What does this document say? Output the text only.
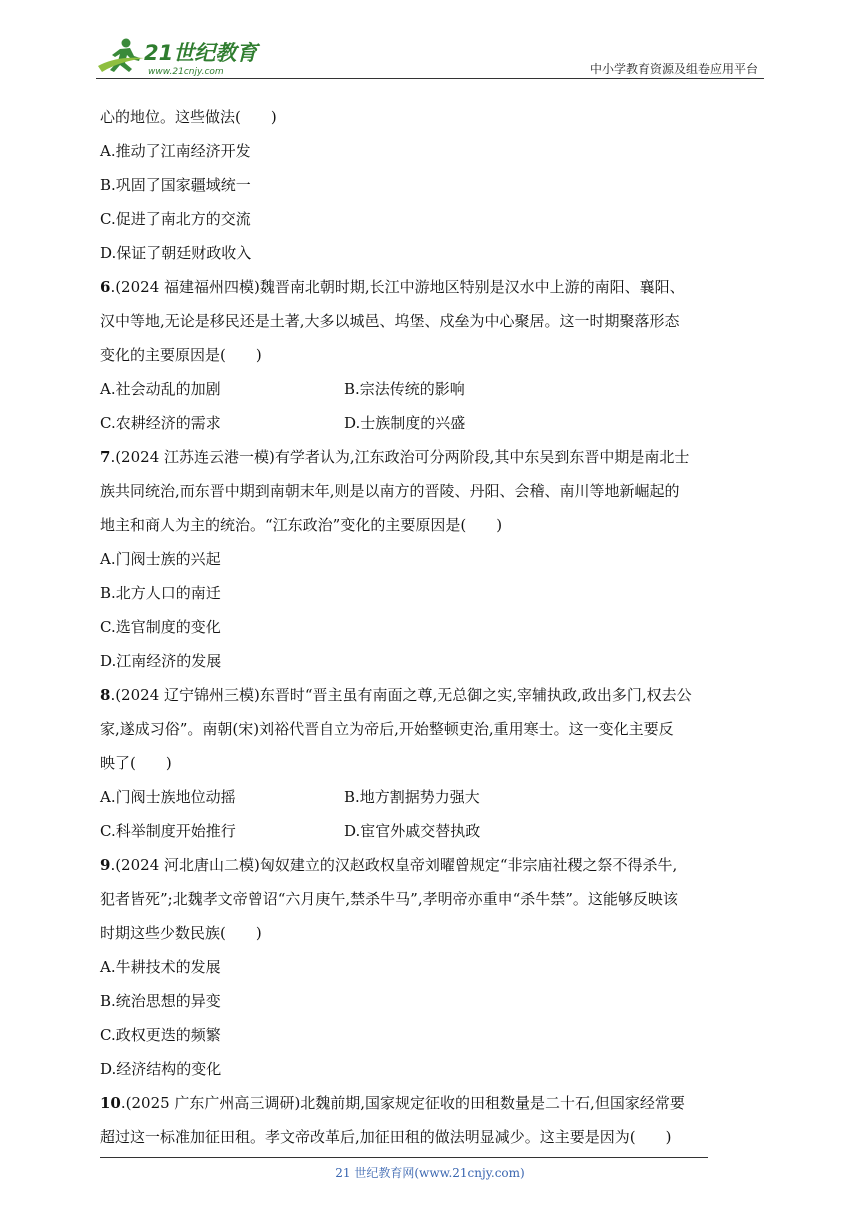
21世纪教育
www.21cnjy.com	中小学教育资源及组卷应用平台
心的地位。这些做法(　　)
A.推动了江南经济开发
B.巩固了国家疆域统一
C.促进了南北方的交流
D.保证了朝廷财政收入
6.(2024 福建福州四模)魏晋南北朝时期,长江中游地区特别是汉水中上游的南阳、襄阳、
汉中等地,无论是移民还是土著,大多以城邑、坞堡、戍垒为中心聚居。这一时期聚落形态
变化的主要原因是(　　)
A.社会动乱的加剧	B.宗法传统的影响
C.农耕经济的需求	D.士族制度的兴盛
7.(2024 江苏连云港一模)有学者认为,江东政治可分两阶段,其中东吴到东晋中期是南北士
族共同统治,而东晋中期到南朝末年,则是以南方的晋陵、丹阳、会稽、南川等地新崛起的
地主和商人为主的统治。“江东政治”变化的主要原因是(　　)
A.门阀士族的兴起
B.北方人口的南迁
C.选官制度的变化
D.江南经济的发展
8.(2024 辽宁锦州三模)东晋时“晋主虽有南面之尊,无总御之实,宰辅执政,政出多门,权去公
家,遂成习俗”。南朝(宋)刘裕代晋自立为帝后,开始整顿吏治,重用寒士。这一变化主要反
映了(　　)
A.门阀士族地位动摇	B.地方割据势力强大
C.科举制度开始推行	D.宦官外戚交替执政
9.(2024 河北唐山二模)匈奴建立的汉赵政权皇帝刘曜曾规定“非宗庙社稷之祭不得杀牛,
犯者皆死”;北魏孝文帝曾诏“六月庚午,禁杀牛马”,孝明帝亦重申“杀牛禁”。这能够反映该
时期这些少数民族(　　)
A.牛耕技术的发展
B.统治思想的异变
C.政权更迭的频繁
D.经济结构的变化
10.(2025 广东广州高三调研)北魏前期,国家规定征收的田租数量是二十石,但国家经常要
超过这一标准加征田租。孝文帝改革后,加征田租的做法明显减少。这主要是因为(　　)
21 世纪教育网(www.21cnjy.com)
